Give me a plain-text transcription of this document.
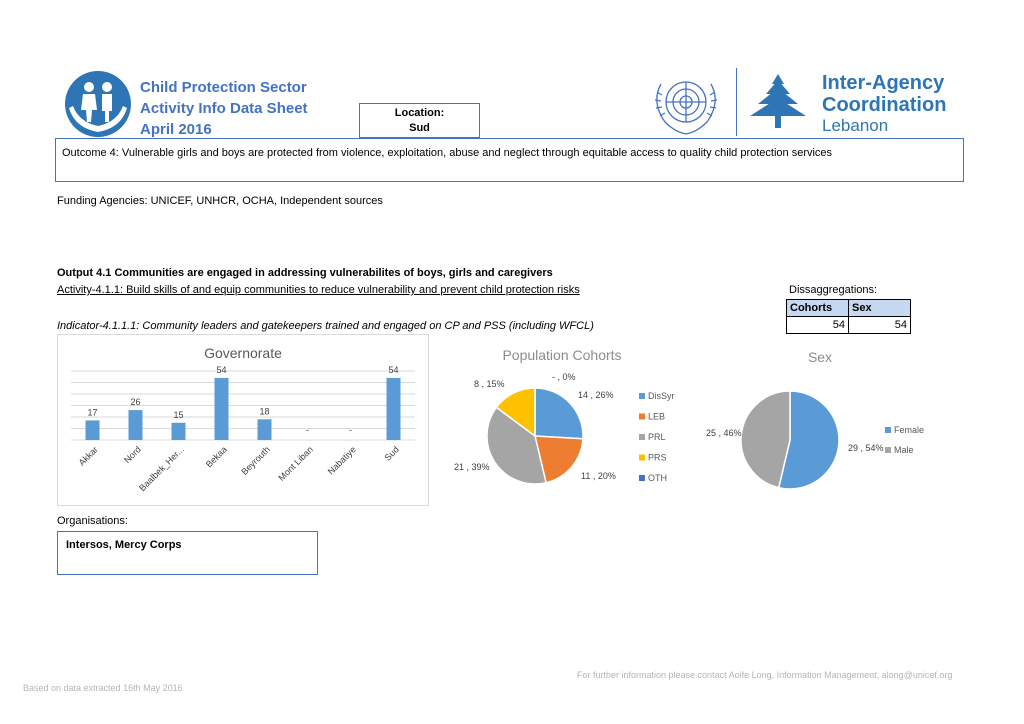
Child Protection Sector
Activity Info Data Sheet
April 2016
Location:
Sud
Inter-Agency
Coordination
Lebanon
Outcome 4: Vulnerable girls and boys are protected from violence, exploitation, abuse and neglect through equitable access to quality child protection services
Funding Agencies: UNICEF, UNHCR, OCHA, Independent sources
Output 4.1 Communities are engaged in addressing vulnerabilites of boys, girls and caregivers
Activity-4.1.1: Build skills of and equip communities to reduce vulnerability and prevent child protection risks
Indicator-4.1.1.1: Community leaders and gatekeepers trained and engaged on CP and PSS (including WFCL)
Dissaggregations:
Cohorts	Sex
54	54
Governorate
17
Akkar
26
Nord
15
Baalbek_Her...
54
Bekaa
18
Beyrouth
-
Mont Liban
-
Nabatiye
54
Sud
Population Cohorts
14 , 26%
11 , 20%
21 , 39%
8 , 15%
- , 0%
DisSyr
LEB
PRL
PRS
OTH
Sex
29 , 54%
25 , 46%	Female
Male
Organisations:
Intersos, Mercy Corps
For further information please contact Aoife Long, Information Management, along@unicef.org
Based on data extracted 16th May 2016
